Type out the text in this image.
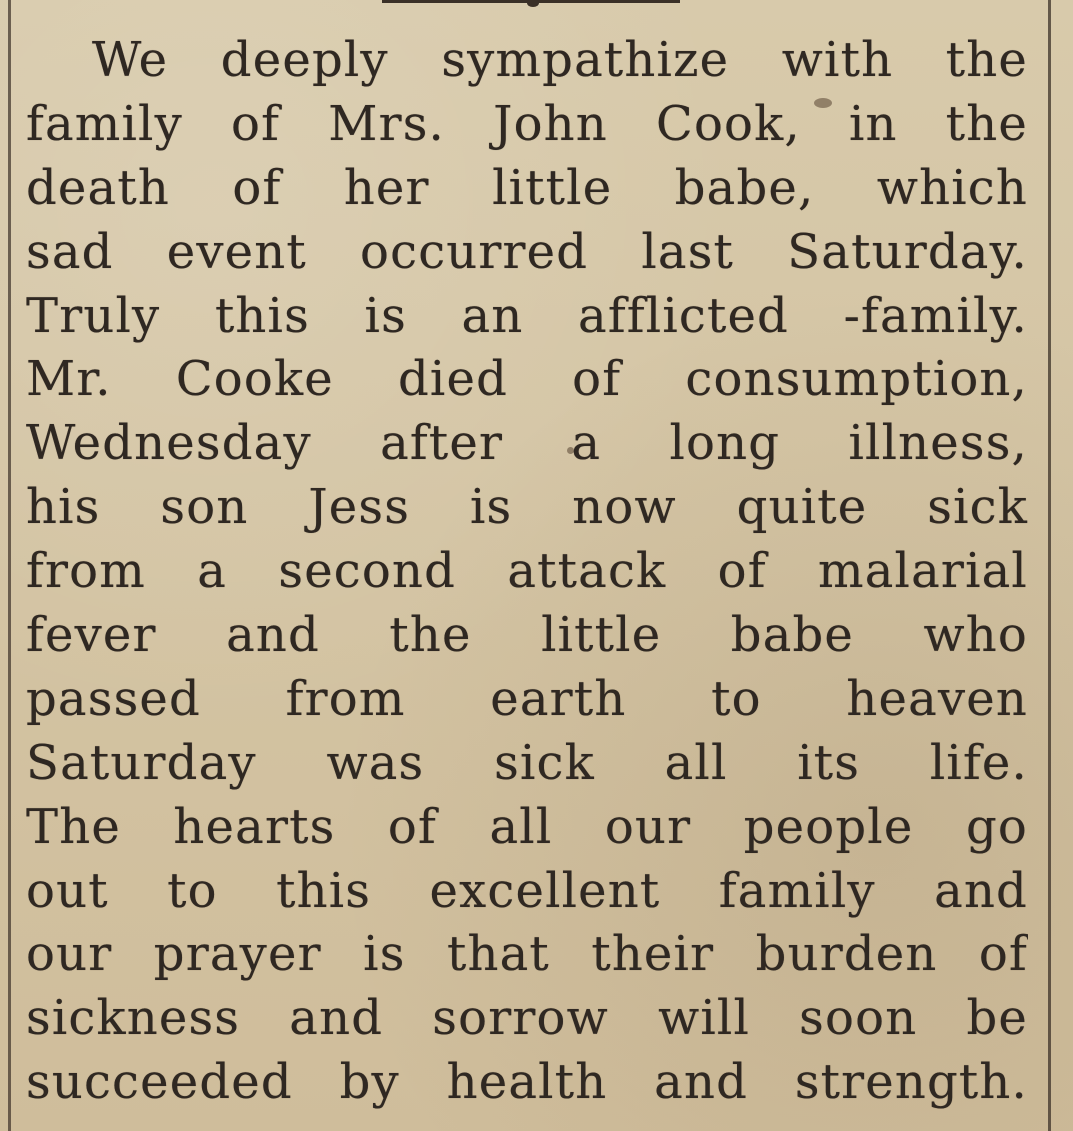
We deeply sympathize with the
family of Mrs. John Cook, in the
death of her little babe, which
sad event occurred last Saturday.
Truly this is an afflicted -family.
Mr. Cooke died of consumption,
Wednesday after a long illness,
his son Jess is now quite sick
from a second attack of malarial
fever and the little babe who
passed from earth to heaven
Saturday was sick all its life.
The hearts of all our people go
out to this excellent family and
our prayer is that their burden of
sickness and sorrow will soon be
succeeded by health and strength.
